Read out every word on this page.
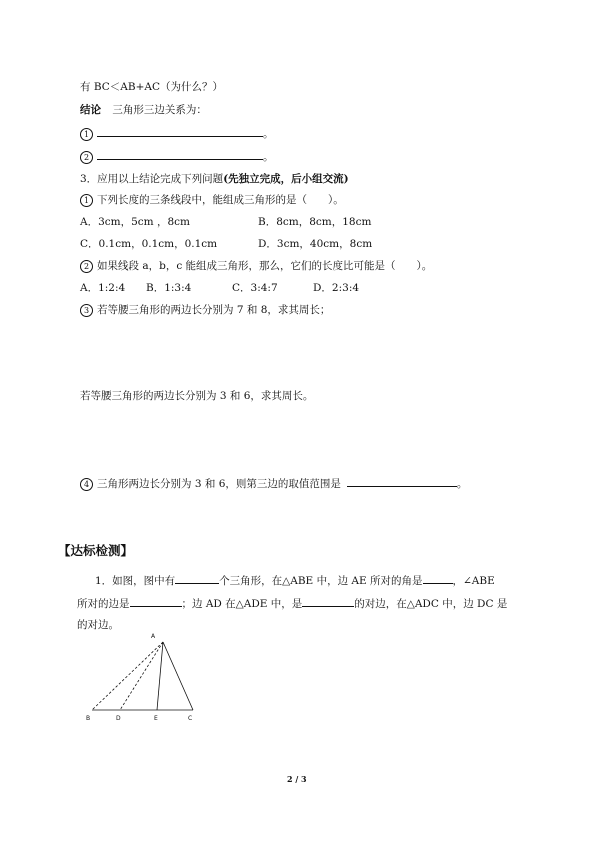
有 BC＜AB+AC（为什么？）
结论 三角形三边关系为：
1	。
2	。
3．应用以上结论完成下列问题(先独立完成，后小组交流)
1 下列长度的三条线段中，能组成三角形的是（　　）。
A．3cm，5cm ，8cm	B．8cm，8cm，18cm
C．0.1cm，0.1cm，0.1cm	D．3cm，40cm，8cm
2 如果线段 a，b，c 能组成三角形，那么，它们的长度比可能是（　　）。
A．1:2:4 B．1:3:4	C．3:4:7	D．2:3:4
3 若等腰三角形的两边长分别为 7 和 8，求其周长；
若等腰三角形的两边长分别为 3 和 6，求其周长。
4 三角形两边长分别为 3 和 6，则第三边的取值范围是	。
【达标检测】
1．如图，图中有	个三角形，在△ABE 中，边 AE 所对的角是	，∠ABE
所对的边是	；边 AD 在△ADE 中，是	的对边，在△ADC 中，边 DC 是
的对边。
A
B	D	E	C
2 / 3
